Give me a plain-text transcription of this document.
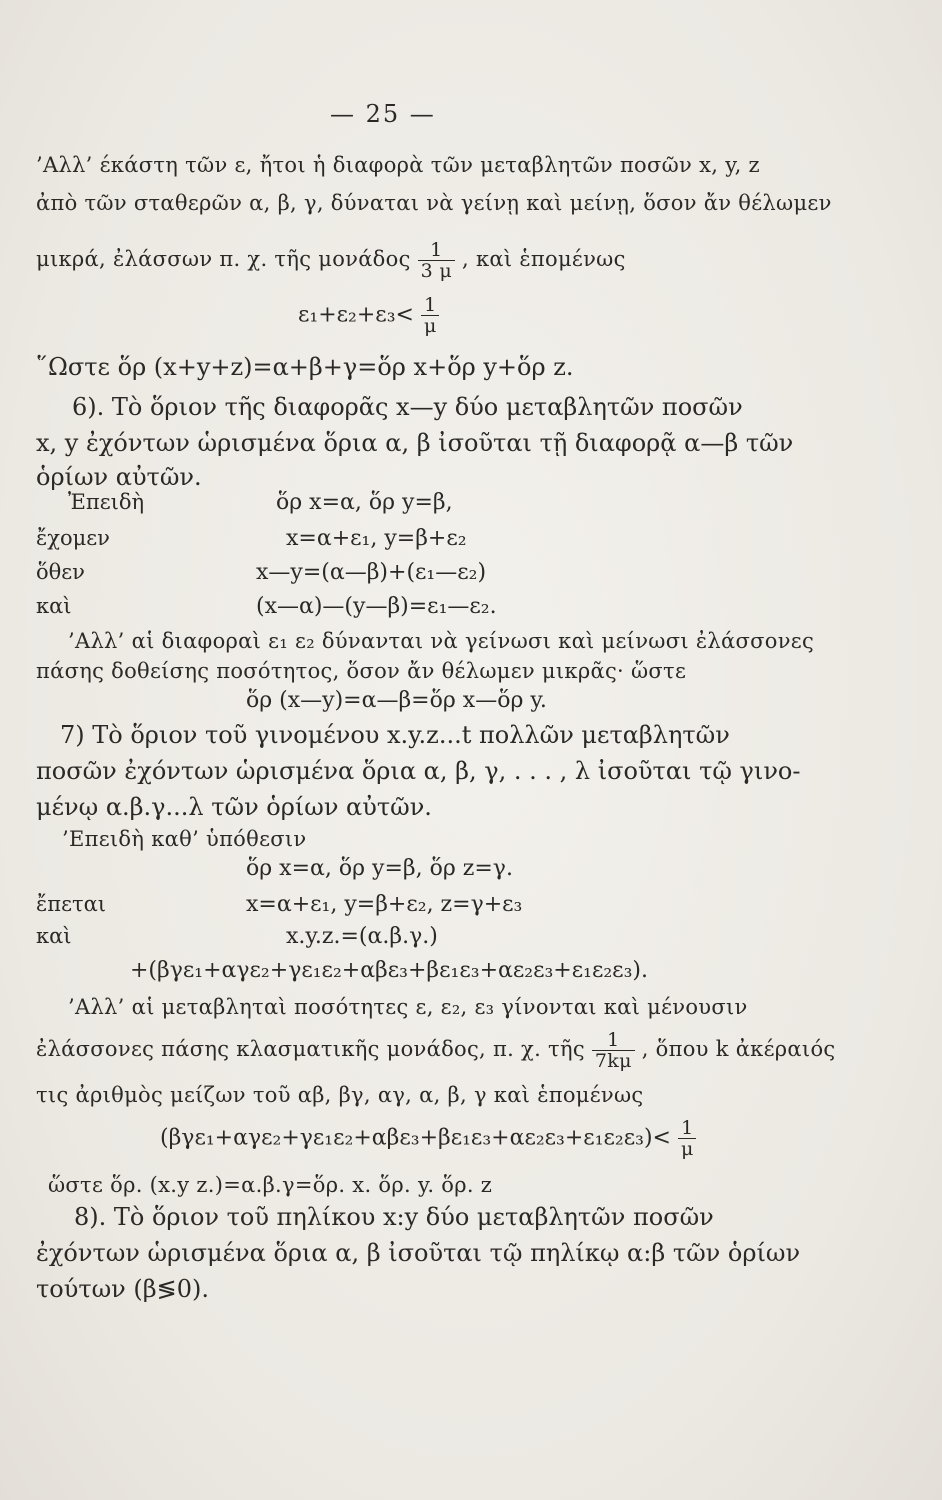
— 25 —
’Αλλ’ έκάστη τῶν ε, ἤτοι ἡ διαφορὰ τῶν μεταβλητῶν ποσῶν x, y, z
ἀπὸ τῶν σταθερῶν α, β, γ, δύναται νὰ γείνῃ καὶ μείνῃ, ὅσον ἄν θέλωμεν
μικρά, ἐλάσσων π. χ. τῆς μονάδος $\frac{1}{3 \mu}$ , καὶ ἑπομένως
$\varepsilon_1+\varepsilon_2+\varepsilon_3< \frac{1}{\mu}$
῞Ωστε ὅρ (x+y+z)=α+β+γ=ὅρ x+ὅρ y+ὅρ z.
6). Τὸ ὅριον τῆς διαφορᾶς x—y δύο μεταβλητῶν ποσῶν
x, y ἐχόντων ὡρισμένα ὅρια α, β ἰσοῦται τῇ διαφορᾷ α—β τῶν
ὁρίων αὐτῶν.
Ἐπειδὴ	ὅρ x=α, ὅρ y=β,
ἔχομεν	x=α+ε₁, y=β+ε₂
ὅθεν	x—y=(α—β)+(ε₁—ε₂)
καὶ	(x—α)—(y—β)=ε₁—ε₂.
’Αλλ’ αἱ διαφοραὶ ε₁ ε₂ δύνανται νὰ γείνωσι καὶ μείνωσι ἐλάσσονες
πάσης δοθείσης ποσότητος, ὅσον ἄν θέλωμεν μικρᾶς· ὥστε
ὅρ (x—y)=α—β=ὅρ x—ὅρ y.
7) Τὸ ὅριον τοῦ γινομένου x.y.z...t πολλῶν μεταβλητῶν
ποσῶν ἐχόντων ὡρισμένα ὅρια α, β, γ, . . . , λ ἰσοῦται τῷ γινο-
μένῳ α.β.γ...λ τῶν ὁρίων αὐτῶν.
’Επειδὴ καθ’ ὑπόθεσιν
ὅρ x=α, ὅρ y=β, ὅρ z=γ.
ἔπεται	x=α+ε₁, y=β+ε₂, z=γ+ε₃
καὶ	x.y.z.=(α.β.γ.)
+(βγε₁+αγε₂+γε₁ε₂+αβε₃+βε₁ε₃+αε₂ε₃+ε₁ε₂ε₃).
’Αλλ’ αἱ μεταβληταὶ ποσότητες ε, ε₂, ε₃ γίνονται καὶ μένουσιν
ἐλάσσονες πάσης κλασματικῆς μονάδος, π. χ. τῆς $\frac{1}{7k\mu}$ , ὅπου k ἀκέραιός
τις ἀριθμὸς μείζων τοῦ αβ, βγ, αγ, α, β, γ καὶ ἑπομένως
$(\beta\gamma\varepsilon_1+\alpha\gamma\varepsilon_2+\gamma\varepsilon_1\varepsilon_2+\alpha\beta\varepsilon_3+\beta\varepsilon_1\varepsilon_3+\alpha\varepsilon_2\varepsilon_3+\varepsilon_1\varepsilon_2\varepsilon_3)< \frac{1}{\mu}$
ὥστε ὅρ. (x.y z.)=α.β.γ=ὅρ. x. ὅρ. y. ὅρ. z
8). Τὸ ὅριον τοῦ πηλίκου x:y δύο μεταβλητῶν ποσῶν
ἐχόντων ὡρισμένα ὅρια α, β ἰσοῦται τῷ πηλίκῳ α:β τῶν ὁρίων
τούτων (β≶0).
